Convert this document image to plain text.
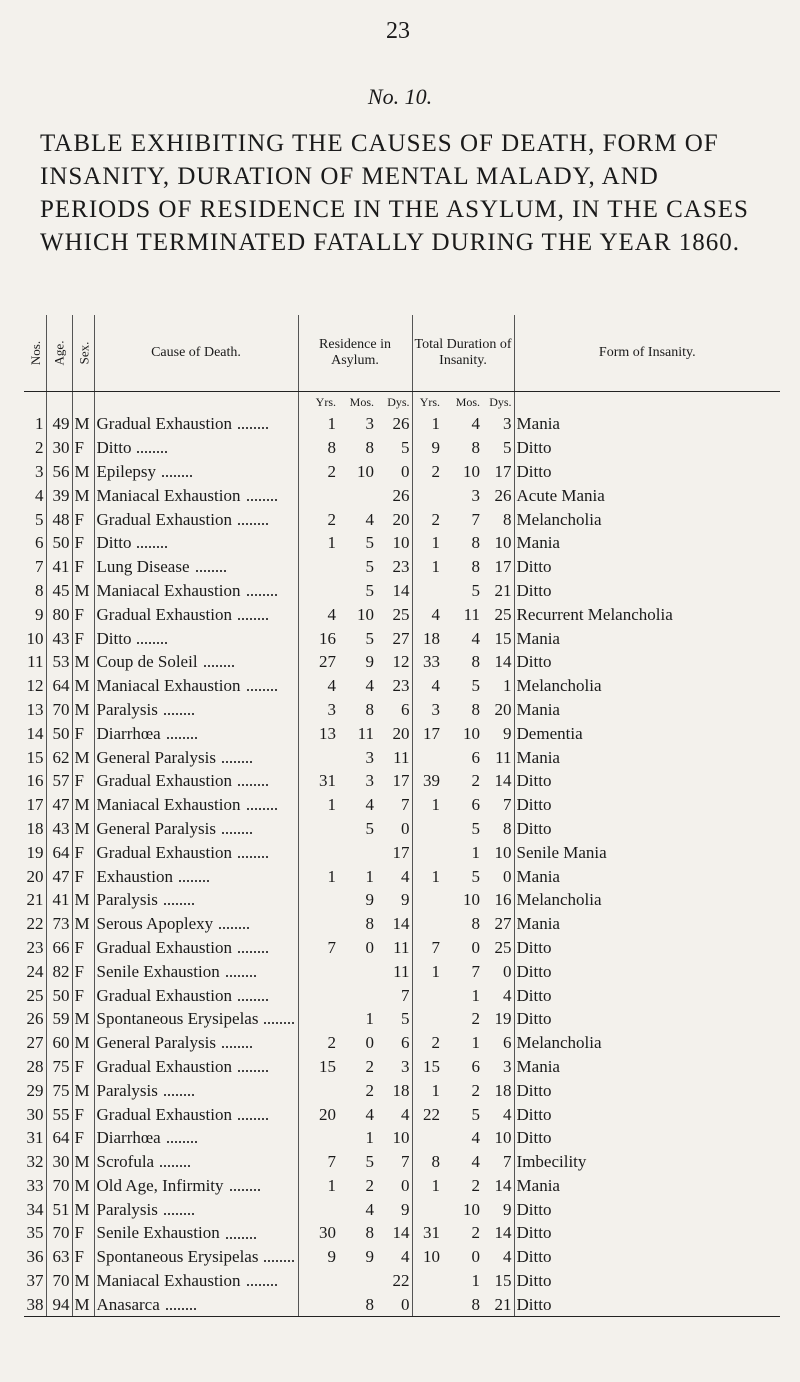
23
No. 10.
TABLE EXHIBITING THE CAUSES OF DEATH, FORM OF INSANITY, DURATION OF MENTAL MALADY, AND PERIODS OF RESIDENCE IN THE ASYLUM, IN THE CASES WHICH TERMINATED FATALLY DURING THE YEAR 1860.
Nos.	Age.	Sex.	Cause of Death.	Residence in Asylum.			Total Duration of Insanity.			Form of Insanity.
				Yrs.	Mos.	Dys.	Yrs.	Mos.	Dys.	
1	49	M	Gradual Exhaustion	1	3	26	1	4	3	Mania
2	30	F	Ditto	8	8	5	9	8	5	Ditto
3	56	M	Epilepsy	2	10	0	2	10	17	Ditto
4	39	M	Maniacal Exhaustion			26		3	26	Acute Mania
5	48	F	Gradual Exhaustion	2	4	20	2	7	8	Melancholia
6	50	F	Ditto	1	5	10	1	8	10	Mania
7	41	F	Lung Disease		5	23	1	8	17	Ditto
8	45	M	Maniacal Exhaustion		5	14		5	21	Ditto
9	80	F	Gradual Exhaustion	4	10	25	4	11	25	Recurrent Melancholia
10	43	F	Ditto	16	5	27	18	4	15	Mania
11	53	M	Coup de Soleil	27	9	12	33	8	14	Ditto
12	64	M	Maniacal Exhaustion	4	4	23	4	5	1	Melancholia
13	70	M	Paralysis	3	8	6	3	8	20	Mania
14	50	F	Diarrhœa	13	11	20	17	10	9	Dementia
15	62	M	General Paralysis		3	11		6	11	Mania
16	57	F	Gradual Exhaustion	31	3	17	39	2	14	Ditto
17	47	M	Maniacal Exhaustion	1	4	7	1	6	7	Ditto
18	43	M	General Paralysis		5	0		5	8	Ditto
19	64	F	Gradual Exhaustion			17		1	10	Senile Mania
20	47	F	Exhaustion	1	1	4	1	5	0	Mania
21	41	M	Paralysis		9	9		10	16	Melancholia
22	73	M	Serous Apoplexy		8	14		8	27	Mania
23	66	F	Gradual Exhaustion	7	0	11	7	0	25	Ditto
24	82	F	Senile Exhaustion			11	1	7	0	Ditto
25	50	F	Gradual Exhaustion			7		1	4	Ditto
26	59	M	Spontaneous Erysipelas		1	5		2	19	Ditto
27	60	M	General Paralysis	2	0	6	2	1	6	Melancholia
28	75	F	Gradual Exhaustion	15	2	3	15	6	3	Mania
29	75	M	Paralysis		2	18	1	2	18	Ditto
30	55	F	Gradual Exhaustion	20	4	4	22	5	4	Ditto
31	64	F	Diarrhœa		1	10		4	10	Ditto
32	30	M	Scrofula	7	5	7	8	4	7	Imbecility
33	70	M	Old Age, Infirmity	1	2	0	1	2	14	Mania
34	51	M	Paralysis		4	9		10	9	Ditto
35	70	F	Senile Exhaustion	30	8	14	31	2	14	Ditto
36	63	F	Spontaneous Erysipelas	9	9	4	10	0	4	Ditto
37	70	M	Maniacal Exhaustion			22		1	15	Ditto
38	94	M	Anasarca		8	0		8	21	Ditto
